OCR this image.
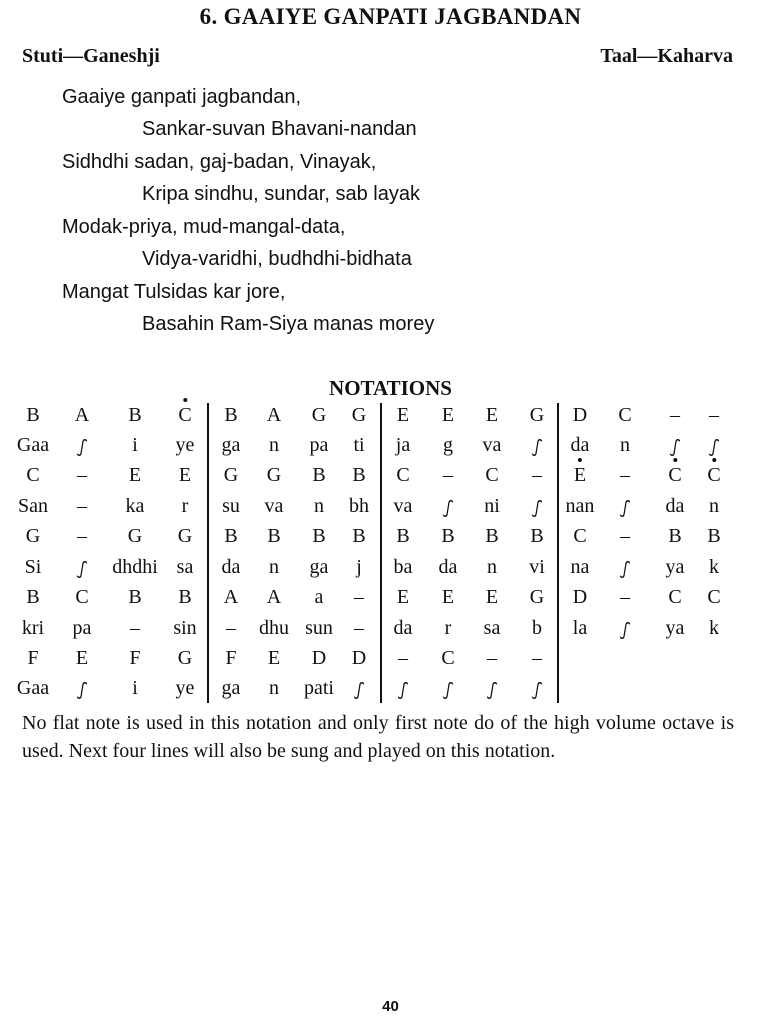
6. GAAIYE GANPATI JAGBANDAN
Stuti—Ganeshji	Taal—Kaharva
Gaaiye ganpati jagbandan,
Sankar-suvan Bhavani-nandan
Sidhdhi sadan, gaj-badan, Vinayak,
Kripa sindhu, sundar, sab layak
Modak-priya, mud-mangal-data,
Vidya-varidhi, budhdhi-bidhata
Mangat Tulsidas kar jore,
Basahin Ram-Siya manas morey
NOTATIONS
B A B C B A G G E E E G D C – –
Gaa ഽ i ye ga n pa ti ja g va ഽ da n ഽ ഽ
C – E E G G B B C – C – E – C C
San – ka r su va n bh va ഽ ni ഽ nan ഽ da n
G – G G B B B B B B B B C – B B
Si ഽ dhdhi sa da n ga j ba da n vi na ഽ ya k
B C B B A A a – E E E G D – C C
kri pa – sin – dhu sun – da r sa b la ഽ ya k
F E F G F E D D – C – –
Gaa ഽ i ye ga n pati ഽ ഽ ഽ ഽ ഽ
No flat note is used in this notation and only first note do of the high volume octave is used. Next four lines will also be sung and played on this notation.
40
